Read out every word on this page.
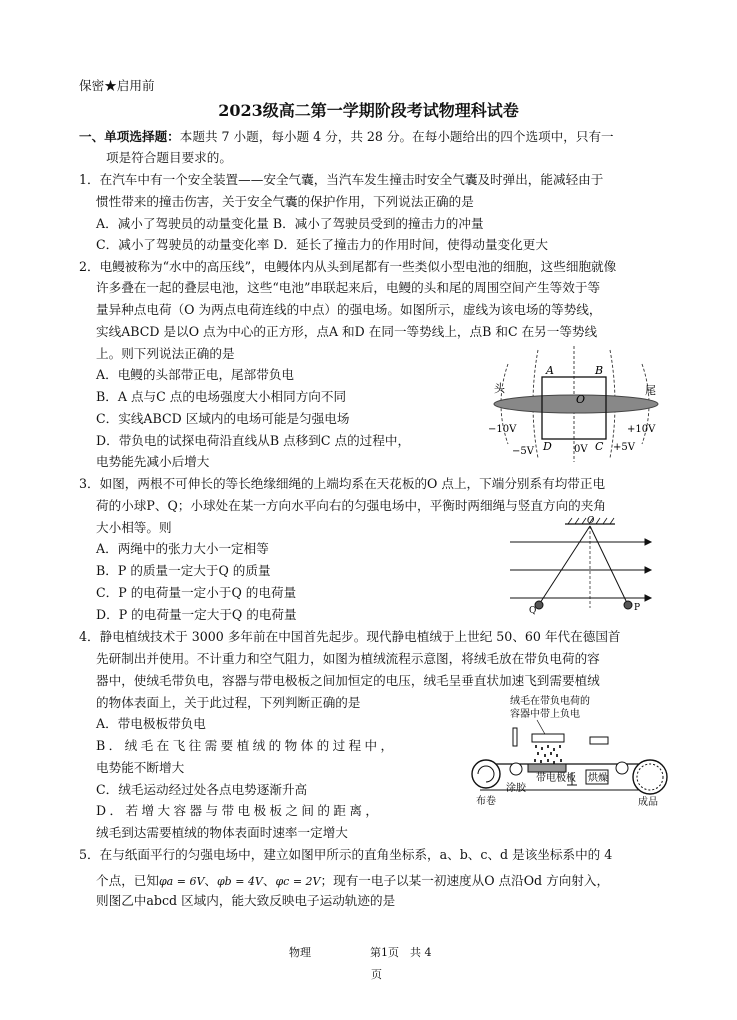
保密★启用前
2023级高二第一学期阶段考试物理科试卷
一、单项选择题：本题共 7 小题，每小题 4 分，共 28 分。在每小题给出的四个选项中，只有一
项是符合题目要求的。
1．在汽车中有一个安全装置——安全气囊，当汽车发生撞击时安全气囊及时弹出，能减轻由于
惯性带来的撞击伤害，关于安全气囊的保护作用，下列说法正确的是
A．减小了驾驶员的动量变化量 B．减小了驾驶员受到的撞击力的冲量
C．减小了驾驶员的动量变化率 D．延长了撞击力的作用时间，使得动量变化更大
2．电鳗被称为“水中的高压线”，电鳗体内从头到尾都有一些类似小型电池的细胞，这些细胞就像
许多叠在一起的叠层电池，这些“电池”串联起来后，电鳗的头和尾的周围空间产生等效于等
量异种点电荷（O 为两点电荷连线的中点）的强电场。如图所示，虚线为该电场的等势线，
实线ABCD 是以O 点为中心的正方形，点A 和D 在同一等势线上，点B 和C 在另一等势线
上。则下列说法正确的是
A．电鳗的头部带正电，尾部带负电
B．A 点与C 点的电场强度大小相同方向不同
C．实线ABCD 区域内的电场可能是匀强电场
D．带负电的试探电荷沿直线从B 点移到C 点的过程中，
电势能先减小后增大
A	B
C
D
O
头	尾
−10V
−5V	0V	+5V
+10V
3．如图，两根不可伸长的等长绝缘细绳的上端均系在天花板的O 点上，下端分别系有均带正电
荷的小球P、Q；小球处在某一方向水平向右的匀强电场中，平衡时两细绳与竖直方向的夹角
大小相等。则
A．两绳中的张力大小一定相等
B．P 的质量一定大于Q 的质量
C．P 的电荷量一定小于Q 的电荷量
D．P 的电荷量一定大于Q 的电荷量
O
Q	P
4．静电植绒技术于 3000 多年前在中国首先起步。现代静电植绒于上世纪 50、60 年代在德国首
先研制出并使用。不计重力和空气阻力，如图为植绒流程示意图，将绒毛放在带负电荷的容
器中，使绒毛带负电，容器与带电极板之间加恒定的电压，绒毛呈垂直状加速飞到需要植绒
的物体表面上，关于此过程，下列判断正确的是
A．带电极板带负电
B．绒毛在飞往需要植绒的物体的过程中，
电势能不断增大
C．绒毛运动经过处各点电势逐渐升高
D．若增大容器与带电极板之间的距离，
绒毛到达需要植绒的物体表面时速率一定增大
绒毛在带负电荷的
容器中带上负电
带电极板 烘燥
布卷
涂胶
成品
5．在与纸面平行的匀强电场中，建立如图甲所示的直角坐标系，a、b、c、d 是该坐标系中的 4
个点，已知φa = 6V、φb = 4V、φc = 2V；现有一电子以某一初速度从O 点沿Od 方向射入，
则图乙中abcd 区域内，能大致反映电子运动轨迹的是
物理	第1页　共 4
页
